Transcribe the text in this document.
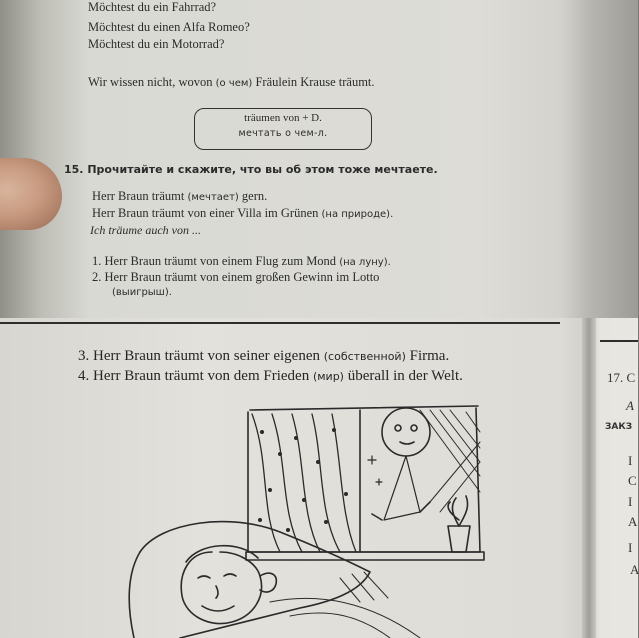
Möchtest du ein Fahrrad?
Möchtest du einen Alfa Romeo?
Möchtest du ein Motorrad?
Wir wissen nicht, wovon (о чем) Fräulein Krause träumt.
träumen von + D.
мечтать о чем-л.
15. Прочитайте и скажите, что вы об этом тоже мечтаете.
Herr Braun träumt (мечтает) gern.
Herr Braun träumt von einer Villa im Grünen (на природе).
Ich träume auch von ...
1. Herr Braun träumt von einem Flug zum Mond (на луну).
2. Herr Braun träumt von einem großen Gewinn im Lotto
(выигрыш).
3. Herr Braun träumt von seiner eigenen (собственной) Firma.
4. Herr Braun träumt von dem Frieden (мир) überall in der Welt.	17. C
A
ЗАКЗ
I
C
I
A
I
A
